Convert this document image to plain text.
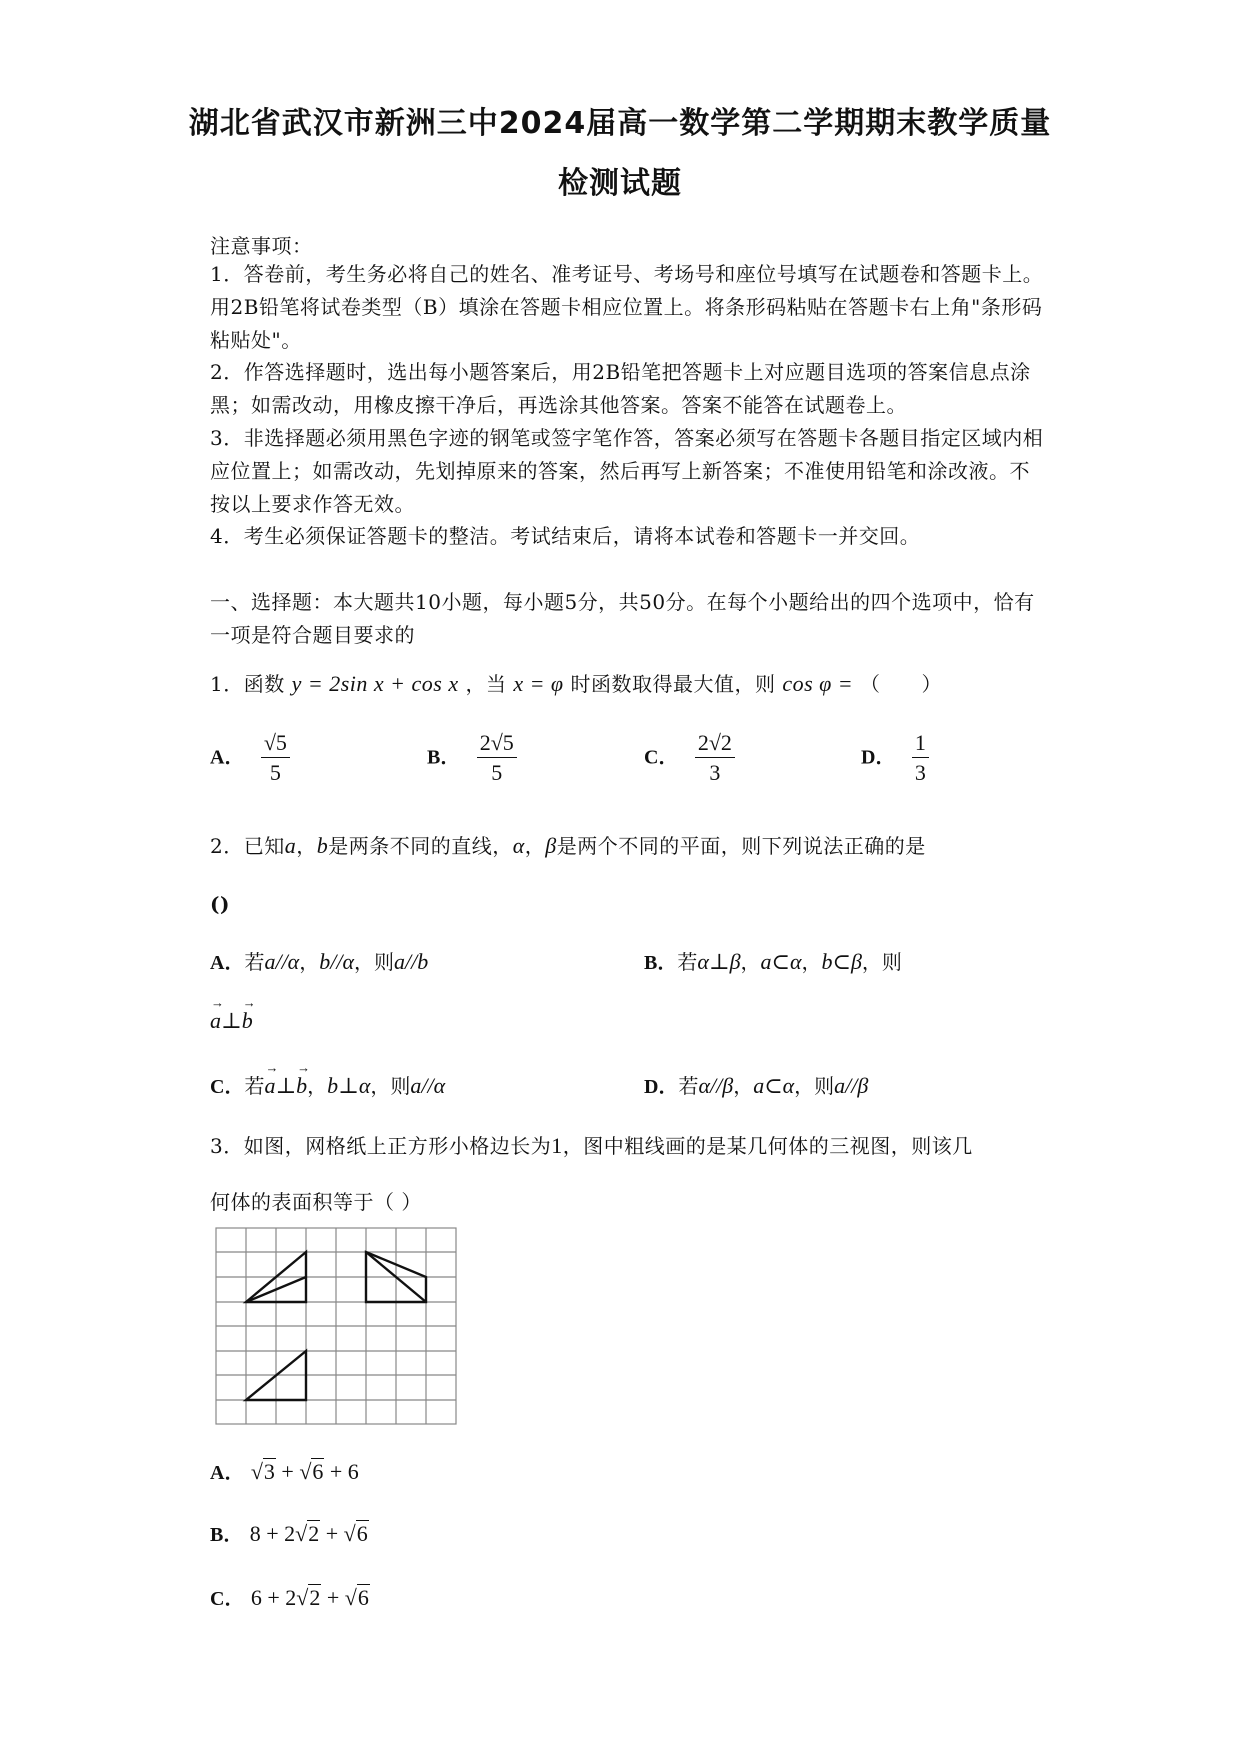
湖北省武汉市新洲三中2024届高一数学第二学期期末教学质量
检测试题
注意事项：
1．答卷前，考生务必将自己的姓名、准考证号、考场号和座位号填写在试题卷和答题卡上。用2B铅笔将试卷类型（B）填涂在答题卡相应位置上。将条形码粘贴在答题卡右上角"条形码粘贴处"。
2．作答选择题时，选出每小题答案后，用2B铅笔把答题卡上对应题目选项的答案信息点涂黑；如需改动，用橡皮擦干净后，再选涂其他答案。答案不能答在试题卷上。
3．非选择题必须用黑色字迹的钢笔或签字笔作答，答案必须写在答题卡各题目指定区域内相应位置上；如需改动，先划掉原来的答案，然后再写上新答案；不准使用铅笔和涂改液。不按以上要求作答无效。
4．考生必须保证答题卡的整洁。考试结束后，请将本试卷和答题卡一并交回。
一、选择题：本大题共10小题，每小题5分，共50分。在每个小题给出的四个选项中，恰有一项是符合题目要求的
1．函数 y = 2sin x + cos x ，当 x = φ 时函数取得最大值，则 cos φ = （　　）
A． $\frac{√5}{5}$	B． $\frac{2√5}{5}$	C． $\frac{2√2}{3}$	D． $\frac{1}{3}$
2．已知a，b是两条不同的直线，α，β是两个不同的平面，则下列说法正确的是
()
A．若a//α，b//α，则a//b	B．若α⊥β，a⊂α，b⊂β，则
→ a⊥→ b
C．若→ a⊥→ b，b⊥α，则a//α	D．若α//β，a⊂α，则a//β
3．如图，网格纸上正方形小格边长为1，图中粗线画的是某几何体的三视图，则该几
何体的表面积等于（ ）
A． √3 + √6 + 6
B． 8 + 2√2 + √6
C． 6 + 2√2 + √6
